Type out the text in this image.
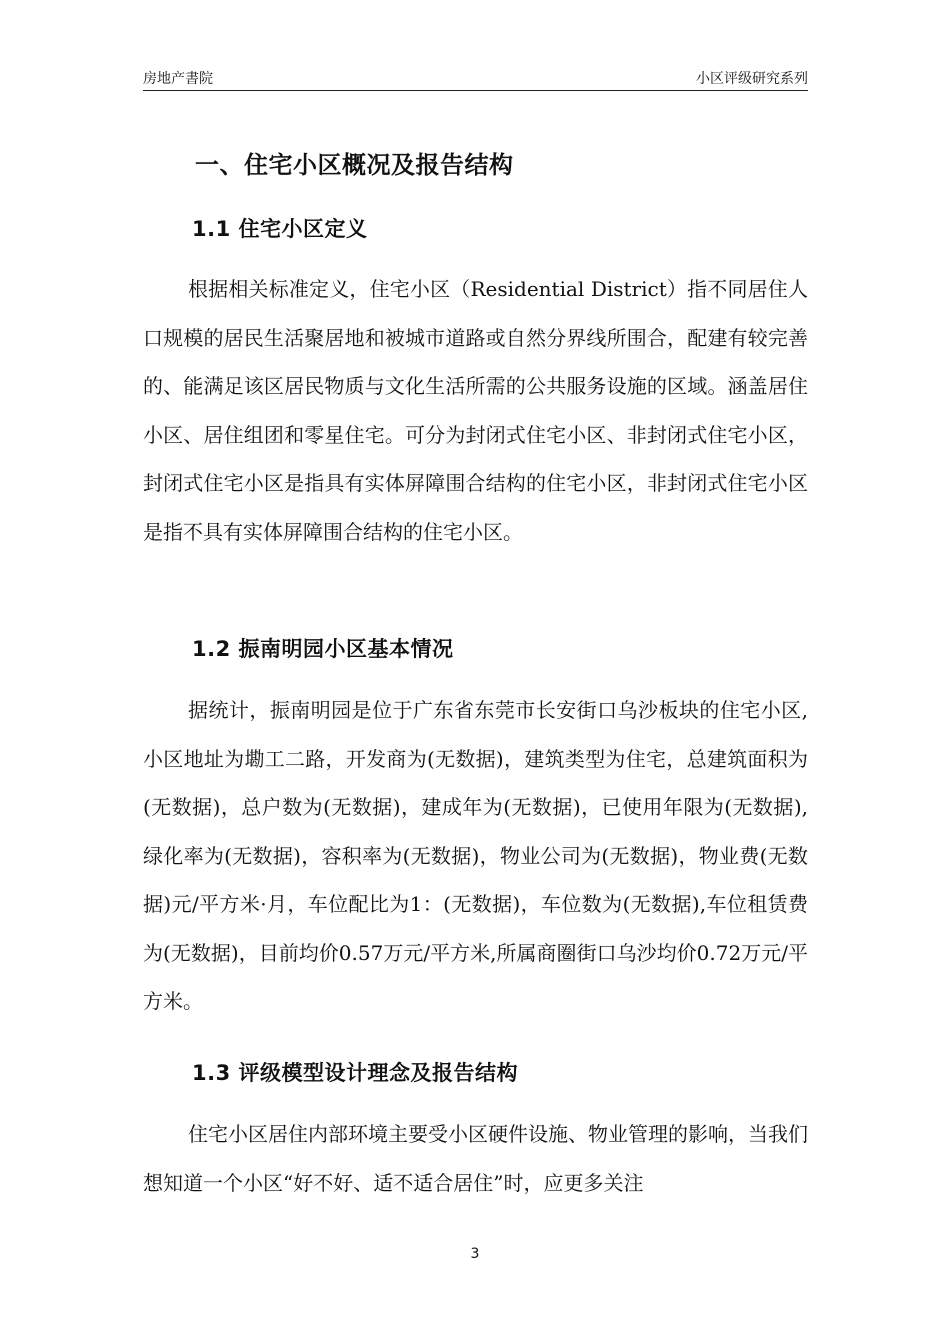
房地产書院	小区评级研究系列
一、住宅小区概况及报告结构
1.1 住宅小区定义
根据相关标准定义，住宅小区（Residential District）指不同居住人口规模的居民生活聚居地和被城市道路或自然分界线所围合，配建有较完善的、能满足该区居民物质与文化生活所需的公共服务设施的区域。涵盖居住小区、居住组团和零星住宅。可分为封闭式住宅小区、非封闭式住宅小区，封闭式住宅小区是指具有实体屏障围合结构的住宅小区，非封闭式住宅小区是指不具有实体屏障围合结构的住宅小区。
1.2 振南明园小区基本情况
据统计，振南明园是位于广东省东莞市长安街口乌沙板块的住宅小区,小区地址为墈工二路，开发商为(无数据)，建筑类型为住宅，总建筑面积为(无数据)，总户数为(无数据)，建成年为(无数据)，已使用年限为(无数据),绿化率为(无数据)，容积率为(无数据)，物业公司为(无数据)，物业费(无数据)元/平方米·月，车位配比为1：(无数据)，车位数为(无数据),车位租赁费为(无数据)，目前均价0.57万元/平方米,所属商圈街口乌沙均价0.72万元/平方米。
1.3 评级模型设计理念及报告结构
住宅小区居住内部环境主要受小区硬件设施、物业管理的影响，当我们想知道一个小区“好不好、适不适合居住”时，应更多关注
3
